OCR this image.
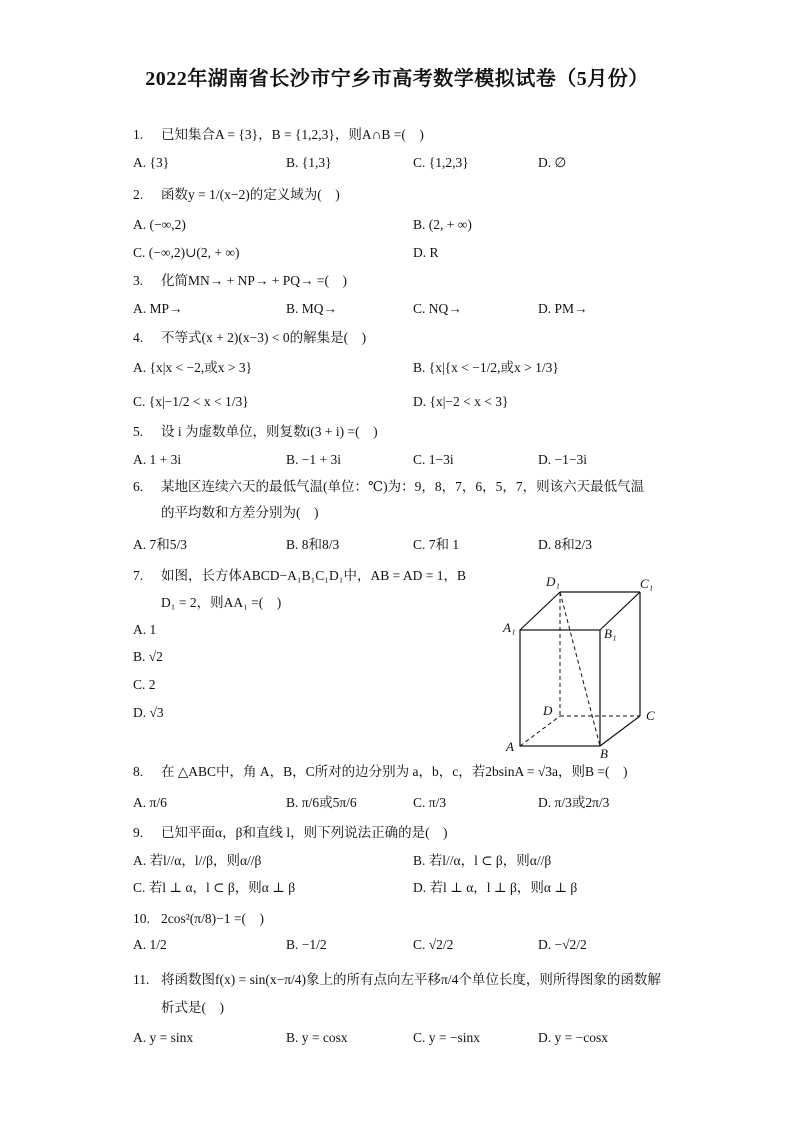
2022年湖南省长沙市宁乡市高考数学模拟试卷（5月份）
1. 已知集合A = {3}，B = {1,2,3}，则A∩B =(　)
A. {3}	B. {1,3}	C. {1,2,3}	D. ∅
2. 函数y = 1/(x−2)的定义域为(　)
A. (−∞,2)	B. (2, + ∞)
C. (−∞,2)∪(2, + ∞)	D. R
3. 化简MN→ + NP→ + PQ→ =(　)
A. MP→	B. MQ→	C. NQ→	D. PM→
4. 不等式(x + 2)(x−3) < 0的解集是(　)
A. {x|x < −2,或x > 3}	B. {x|{x < −1/2,或x > 1/3}
C. {x|−1/2 < x < 1/3}	D. {x|−2 < x < 3}
5. 设 i 为虚数单位，则复数i(3 + i) =(　)
A. 1 + 3i	B. −1 + 3i	C. 1−3i	D. −1−3i
6. 某地区连续六天的最低气温(单位：℃)为：9，8，7，6，5，7，则该六天最低气温
的平均数和方差分别为(　)
A. 7和5/3	B. 8和8/3	C. 7和 1	D. 8和2/3
7. 如图，长方体ABCD−A₁B₁C₁D₁中，AB = AD = 1，B
D₁ = 2，则AA₁ =(　)
A. 1
B. √2
C. 2
D. √3
D₁	C₁
A₁	B₁
D	C
A	B
8. 在 △ABC中，角 A，B，C所对的边分别为 a，b，c，若2bsinA = √3a，则B =(　)
A. π/6	B. π/6或5π/6	C. π/3	D. π/3或2π/3
9. 已知平面α，β和直线 l，则下列说法正确的是(　)
A. 若l//α，l//β，则α//β	B. 若l//α，l ⊂ β，则α//β
C. 若l ⊥ α，l ⊂ β，则α ⊥ β	D. 若l ⊥ α，l ⊥ β，则α ⊥ β
10. 2cos²(π/8)−1 =(　)
A. 1/2	B. −1/2	C. √2/2	D. −√2/2
11. 将函数图f(x) = sin(x−π/4)象上的所有点向左平移π/4个单位长度，则所得图象的函数解
析式是(　)
A. y = sinx	B. y = cosx	C. y = −sinx	D. y = −cosx
